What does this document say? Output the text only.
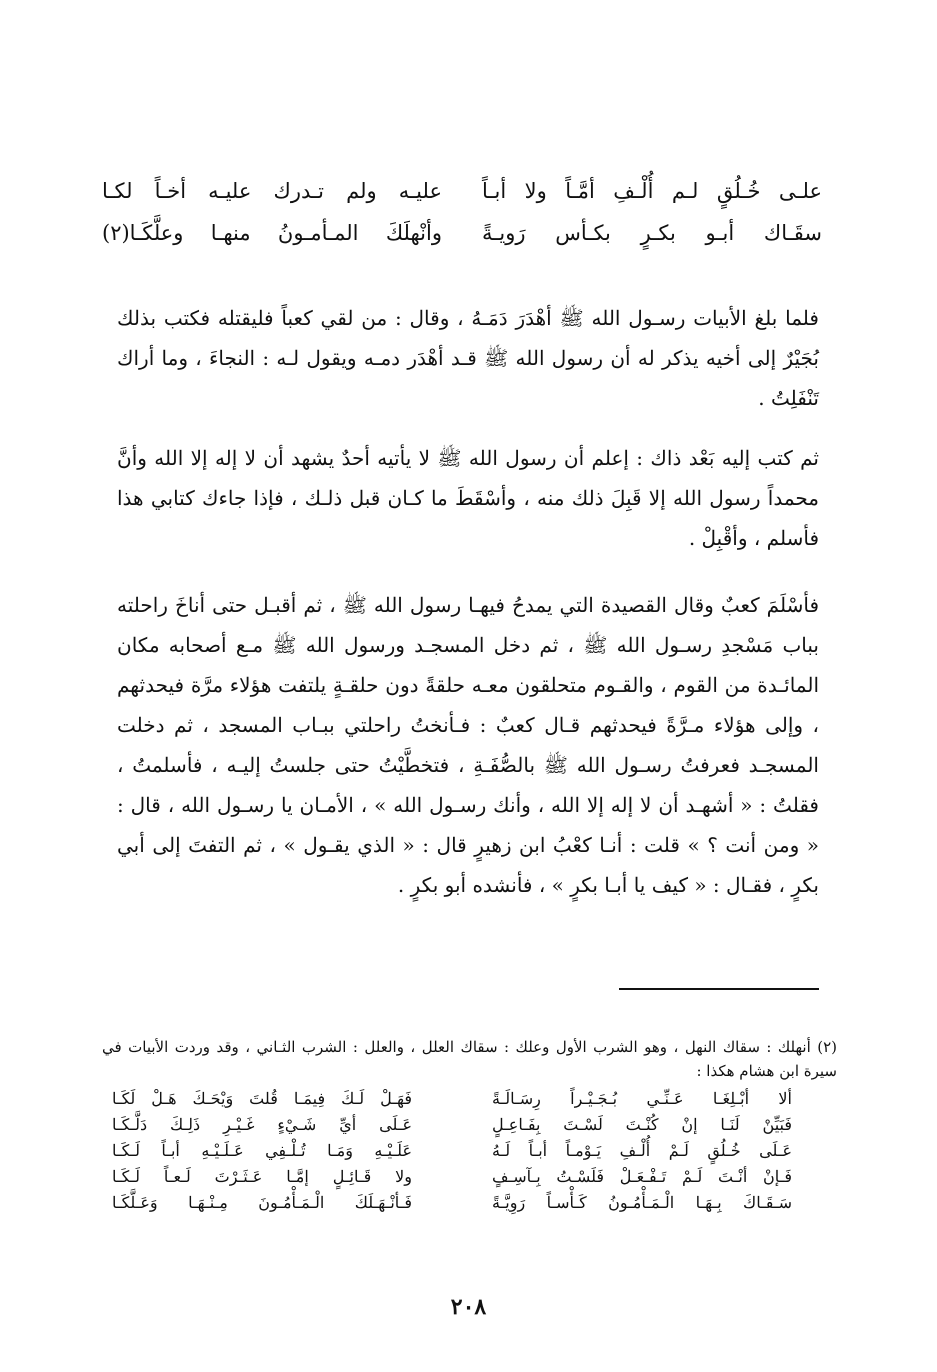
علـى خُـلُقٍ لـم أُلْـفِ أمَّـاً ولا أبـاً
عليـه ولم تـدرك عليـه أخـاً لكـا
سقَـاك أبـو بكـرٍ بكـأس رَويـةً
وأنْهلَكَ المـأمـونُ منهـا وعلَّكَـا(٢)

فلما بلغ الأبيات رسـول الله ﷺ أهْدَرَ دَمَـهُ ، وقال : من لقي كعباً فليقتله فكتب بذلك بُجَيْرٌ إلى أخيه يذكر له أن رسول الله ﷺ قـد أهْدَر دمـه ويقول لـه : النجاءَ ، وما أراك تَنْفَلِتُ .

ثم كتب إليه بَعْد ذاك : إعلم أن رسول الله ﷺ لا يأتيه أحدٌ يشهد أن لا إله إلا الله وأنَّ محمداً رسول الله إلا قَبِلَ ذلك منه ، وأسْقَطَ ما كـان قبل ذلـك ، فإذا جاءك كتابي هذا فأسلم ، وأقْبِلْ .

فأسْلَمَ كعبٌ وقال القصيدة التي يمدحُ فيهـا رسول الله ﷺ ، ثم أقبـل حتى أناخَ راحلته بباب مَسْجدِ رسـول الله ﷺ ، ثم دخل المسجـد ورسول الله ﷺ مـع أصحابه مكان المائـدة من القوم ، والقـوم متحلقون معـه حلقةً دون حلقـةٍ يلتفت هؤلاء مرَّة فيحدثهم ، وإلى هؤلاء مـرَّةً فيحدثهم قـال كعبٌ : فـأنختُ راحلتي ببـاب المسجد ، ثم دخلت المسجـد فعرفتُ رسـول الله ﷺ بالصُّفَـةِ ، فتخطَّيْتُ حتى جلستُ إليـه ، فأسلمتُ ، فقلتُ : « أشهـد أن لا إله إلا الله ، وأنك رسـول الله » ، الأمـان يا رسـول الله ، قال : « ومن أنت ؟ » قلت : أنـا كعْبُ ابن زهيرٍ قال : « الذي يقـول » ، ثم التفتَ إلى أبي بكرٍ ، فقـال : « كيف يا أبـا بكرٍ » ، فأنشده أبو بكرٍ .

(٢) أنهلك : سقاك النهل ، وهو الشرب الأول وعلك : سقاك العلل ، والعلل : الشرب الثـاني ، وقد وردت الأبيات في سيرة ابن هشام هكذا :

ألا أبْـلِغَـا عَـنِّـي بُـجَـيْـراً رِسَـالَـةً
فَهَـلْ لَـكَ فِيمَـا قُلتَ وَيْحَـكَ هَـلْ لَكَـا
فَبَيِّنْ لَنَـا إنْ كُنْـتَ لَسْـتَ بِفَـاعِـلٍ
عَـلَى أيِّ شَـيْءٍ غَـيْـرِ ذَلِـكَ دَلَّـكَـا
عَـلَى خُـلُقٍ لَـمْ أُلْـفِ يَـوْمـاً أبـاً لَـهُ
عَلَـيْـهِ وَمَـا تُـلْـفِي عَـلَـيْـهِ أبـاً لَـكَـا
فَـإنْ أنْـتَ لَـمْ تَـفْـعَـلْ فَلَسْـتُ بِـآسِـفٍ
ولا قَـائِـلٍ إمَّـا عَـثَـرْتَ لَـعـاً لَـكَـا
سَـقَـاكَ بِـهَـا الْـمَـأْمُـونُ كَـأْسـاً رَوِيَّـةً
فَـأنْـهَـلَكَ الْـمَـأْمُـونَ مِـنْـهَـا وَعَـلَّكَـا
٢٠٨
